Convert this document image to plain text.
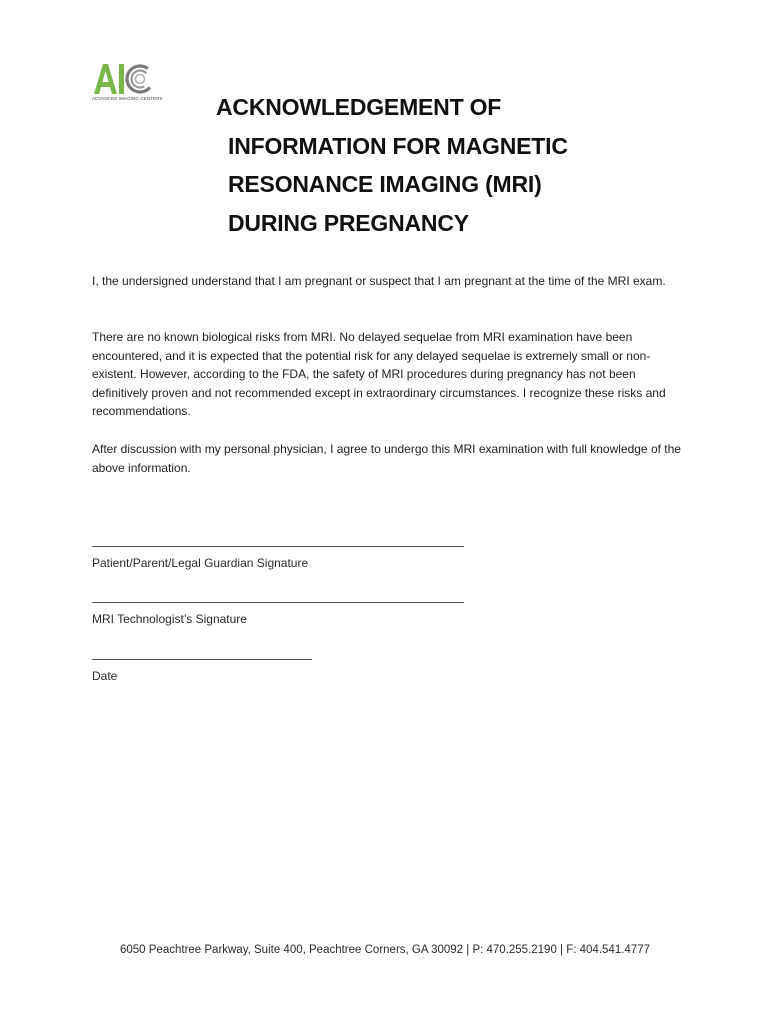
ADVANCED IMAGING CENTERS ACKNOWLEDGEMENT OF
INFORMATION FOR MAGNETIC
RESONANCE IMAGING (MRI)
DURING PREGNANCY
I, the undersigned understand that I am pregnant or suspect that I am pregnant at the time of the MRI exam.
There are no known biological risks from MRI. No delayed sequelae from MRI examination have been encountered, and it is expected that the potential risk for any delayed sequelae is extremely small or non-existent. However, according to the FDA, the safety of MRI procedures during pregnancy has not been definitively proven and not recommended except in extraordinary circumstances. I recognize these risks and recommendations.
After discussion with my personal physician, I agree to undergo this MRI examination with full knowledge of the above information.
Patient/Parent/Legal Guardian Signature
MRI Technologist’s Signature
Date
6050 Peachtree Parkway, Suite 400, Peachtree Corners, GA 30092 | P: 470.255.2190 | F: 404.541.4777
